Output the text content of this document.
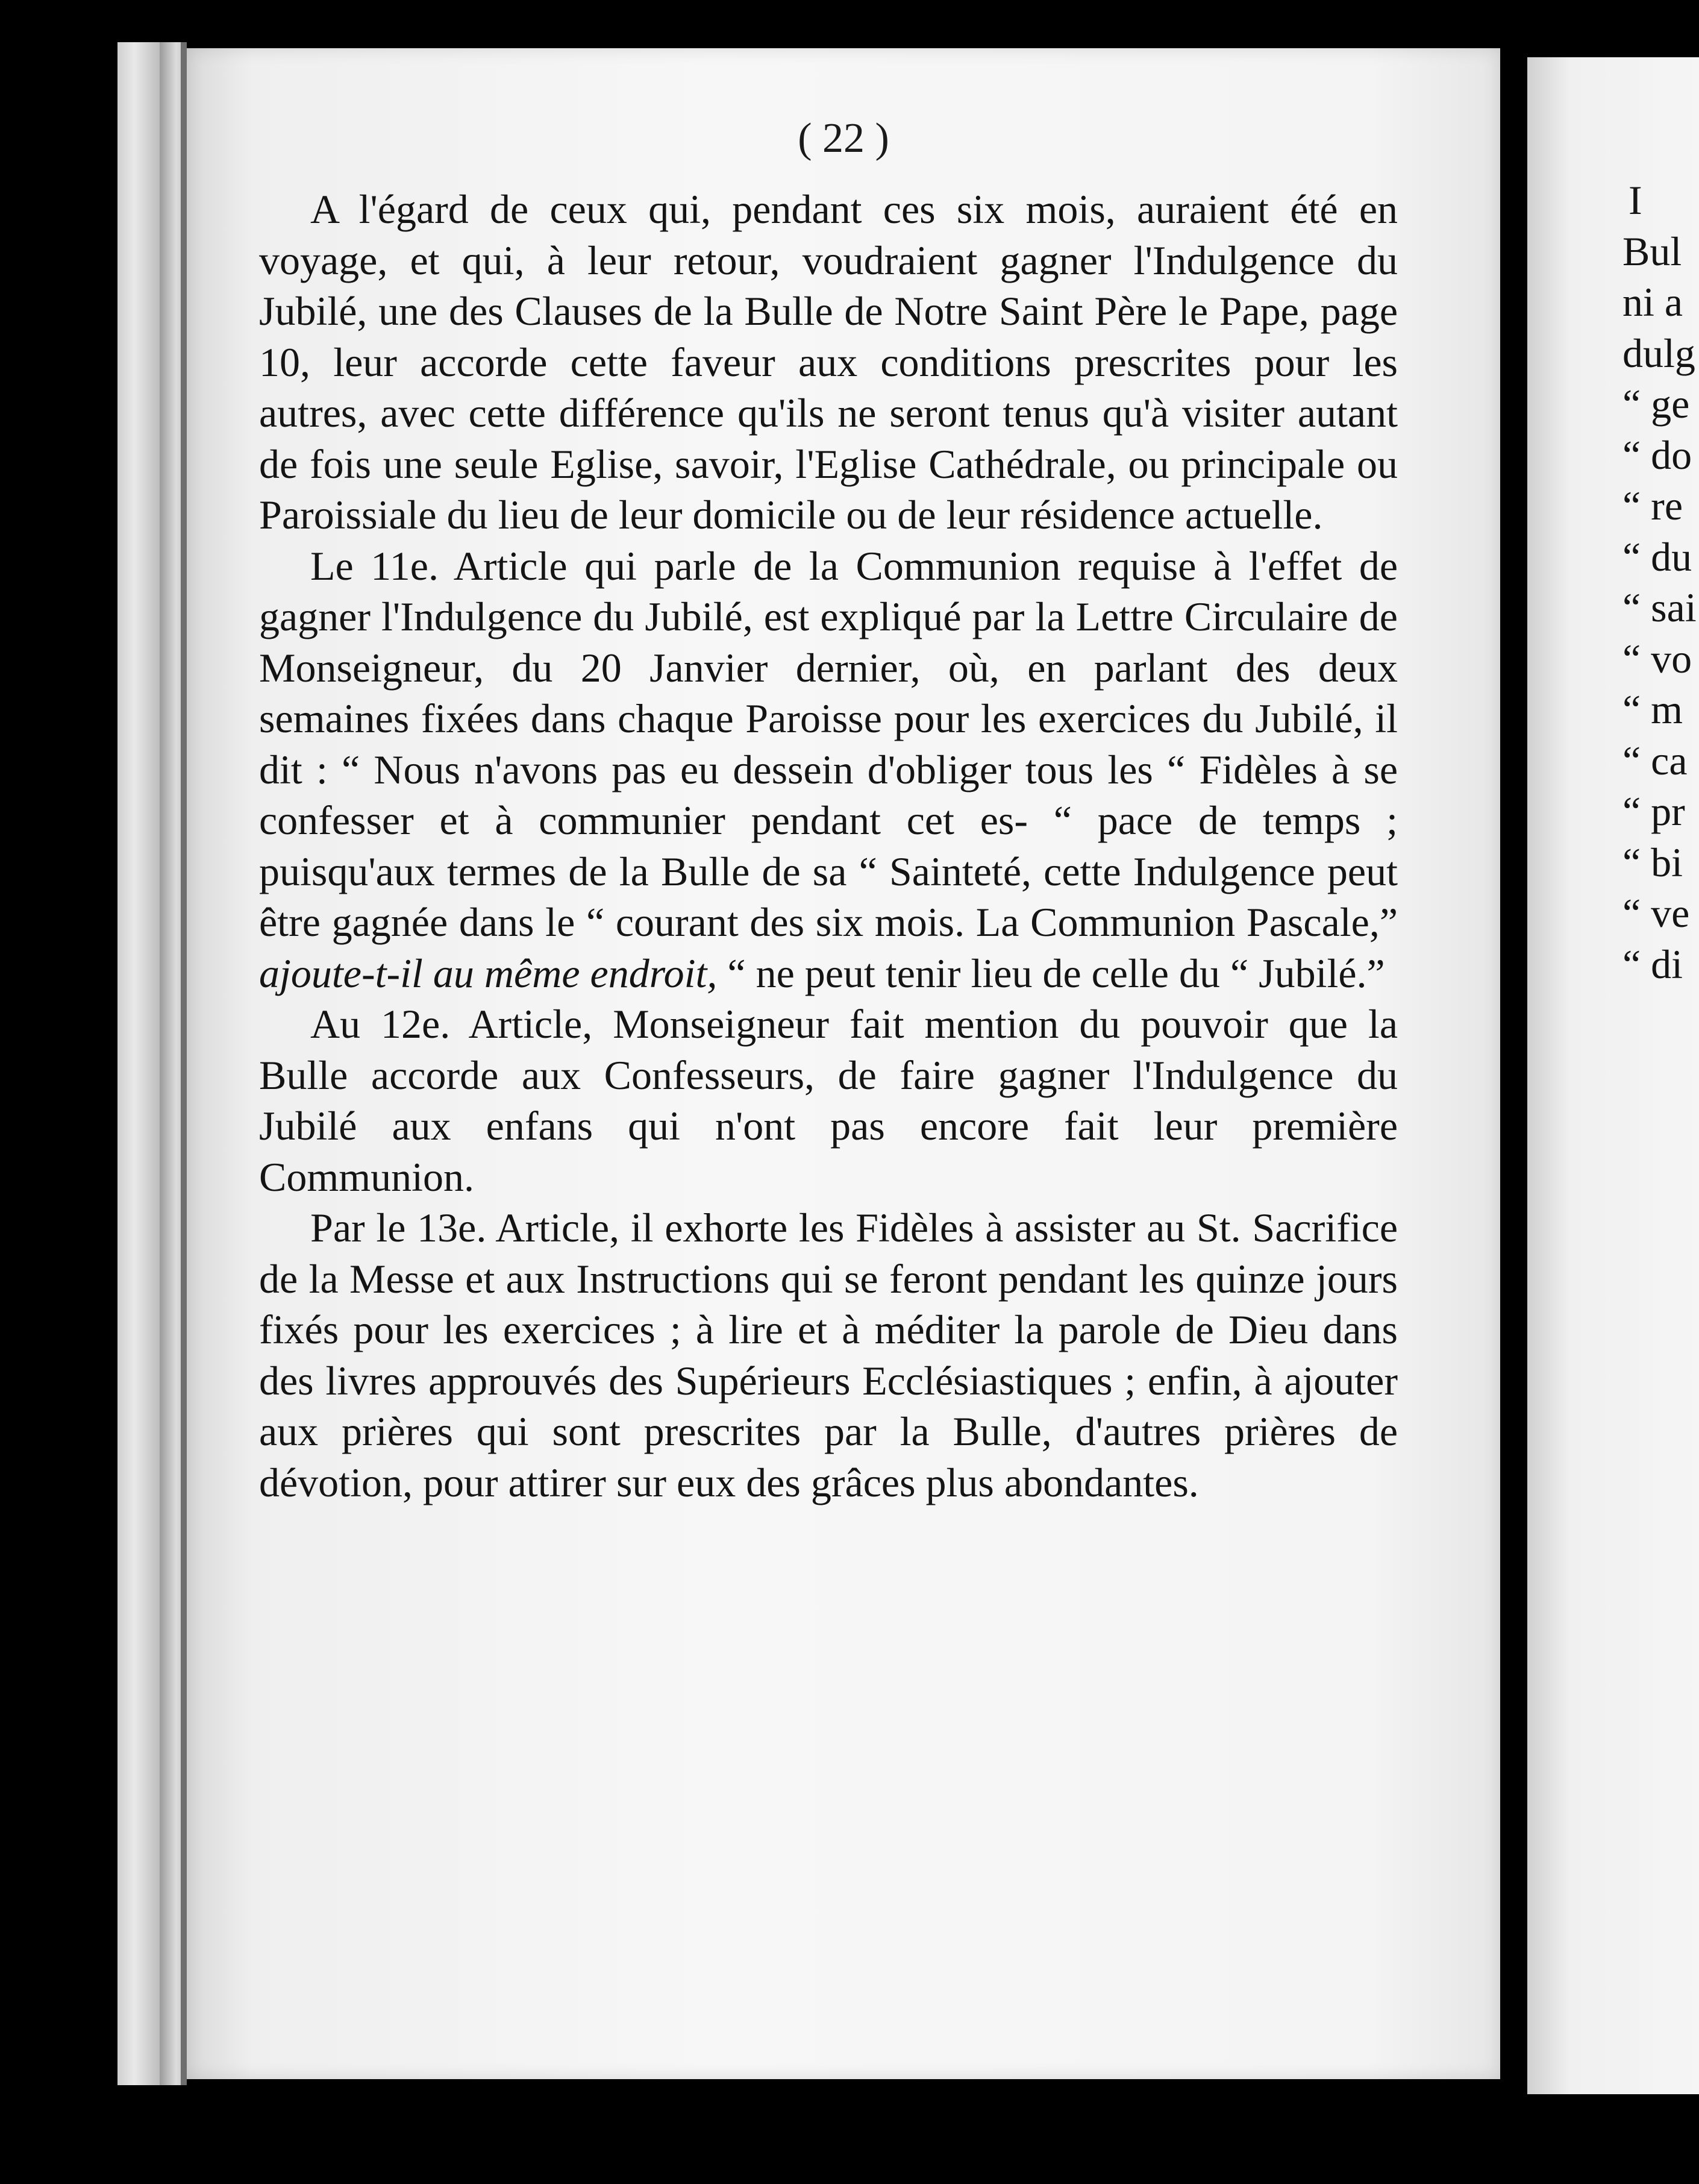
( 22 )

A l'égard de ceux qui, pendant ces six mois, auraient été en voyage, et qui, à leur retour, voudraient gagner l'Indulgence du Jubilé, une des Clauses de la Bulle de Notre Saint Père le Pape, page 10, leur accorde cette faveur aux conditions prescrites pour les autres, avec cette différence qu'ils ne seront tenus qu'à visiter autant de fois une seule Eglise, savoir, l'Eglise Cathédrale, ou principale ou Paroissiale du lieu de leur domicile ou de leur résidence actuelle.

Le 11e. Article qui parle de la Communion requise à l'effet de gagner l'Indulgence du Jubilé, est expliqué par la Lettre Circulaire de Monseigneur, du 20 Janvier dernier, où, en parlant des deux semaines fixées dans chaque Paroisse pour les exercices du Jubilé, il dit : “ Nous n'avons pas eu dessein d'obliger tous les “ Fidèles à se confesser et à communier pendant cet es- “ pace de temps ; puisqu'aux termes de la Bulle de sa “ Sainteté, cette Indulgence peut être gagnée dans le “ courant des six mois. La Communion Pascale,” ajoute-t-il au même endroit, “ ne peut tenir lieu de celle du “ Jubilé.”

Au 12e. Article, Monseigneur fait mention du pouvoir que la Bulle accorde aux Confesseurs, de faire gagner l'Indulgence du Jubilé aux enfans qui n'ont pas encore fait leur première Communion.

Par le 13e. Article, il exhorte les Fidèles à assister au St. Sacrifice de la Messe et aux Instructions qui se feront pendant les quinze jours fixés pour les exercices ; à lire et à méditer la parole de Dieu dans des livres approuvés des Supérieurs Ecclésiastiques ; enfin, à ajouter aux prières qui sont prescrites par la Bulle, d'autres prières de dévotion, pour attirer sur eux des grâces plus abondantes.

I
Bul
ni a
dulg
“ ge
“ do
“ re
“ du
“ sai
“ vo
“ m
“ ca
“ pr
“ bi
“ ve
“ di
